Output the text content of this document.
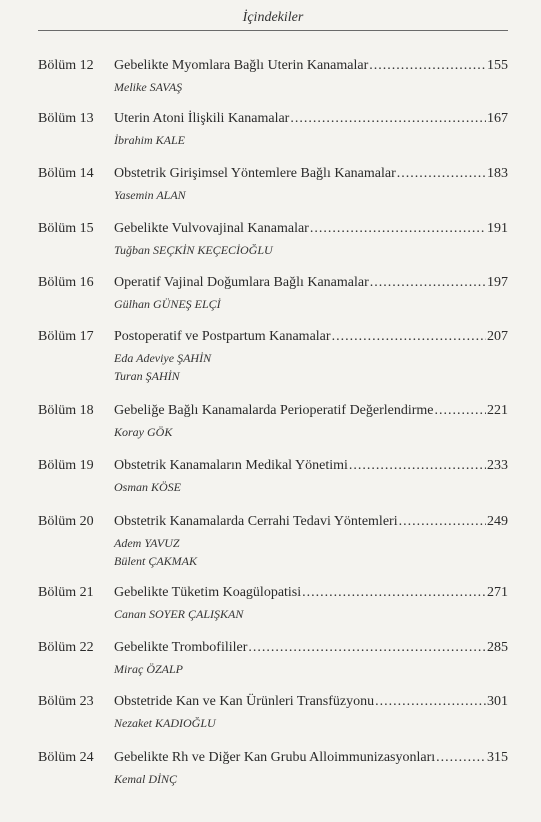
İçindekiler
Bölüm 12	Gebelikte Myomlara Bağlı Uterin Kanamalar .....	155
Melike SAVAŞ
Bölüm 13	Uterin Atoni İlişkili Kanamalar .....	167
İbrahim KALE
Bölüm 14	Obstetrik Girişimsel Yöntemlere Bağlı Kanamalar .....	183
Yasemin ALAN
Bölüm 15	Gebelikte Vulvovajinal Kanamalar .....	191
Tuğban SEÇKİN KEÇECİOĞLU
Bölüm 16	Operatif Vajinal Doğumlara Bağlı Kanamalar .....	197
Gülhan GÜNEŞ ELÇİ
Bölüm 17	Postoperatif ve Postpartum Kanamalar .....	207
Eda Adeviye ŞAHİN
Turan ŞAHİN
Bölüm 18	Gebeliğe Bağlı Kanamalarda Perioperatif Değerlendirme .....	221
Koray GÖK
Bölüm 19	Obstetrik Kanamaların Medikal Yönetimi .....	233
Osman KÖSE
Bölüm 20	Obstetrik Kanamalarda Cerrahi Tedavi Yöntemleri .....	249
Adem YAVUZ
Bülent ÇAKMAK
Bölüm 21	Gebelikte Tüketim Koagülopatisi .....	271
Canan SOYER ÇALIŞKAN
Bölüm 22	Gebelikte Trombofililer .....	285
Miraç ÖZALP
Bölüm 23	Obstetride Kan ve Kan Ürünleri Transfüzyonu .....	301
Nezaket KADIOĞLU
Bölüm 24	Gebelikte Rh ve Diğer Kan Grubu Alloimmunizasyonları .....	315
Kemal DİNÇ
